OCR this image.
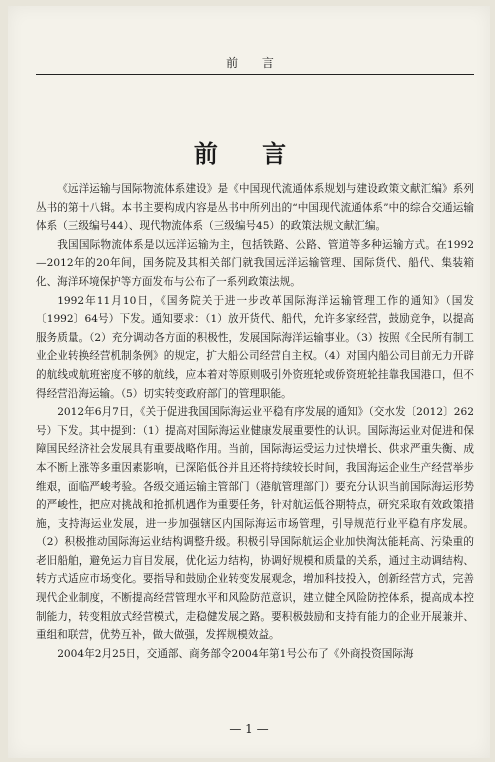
前 言
前 言

《远洋运输与国际物流体系建设》是《中国现代流通体系规划与建设政策文献汇编》系列丛书的第十八辑。本书主要构成内容是丛书中所列出的“中国现代流通体系”中的综合交通运输体系（三级编号44）、现代物流体系（三级编号45）的政策法规文献汇编。

我国国际物流体系是以远洋运输为主，包括铁路、公路、管道等多种运输方式。在1992—2012年的20年间，国务院及其相关部门就我国远洋运输管理、国际货代、船代、集装箱化、海洋环境保护等方面发布与公布了一系列政策法规。

1992年11月10日，《国务院关于进一步改革国际海洋运输管理工作的通知》（国发〔1992〕64号）下发。通知要求：（1）放开货代、船代，允许多家经营，鼓励竞争，以提高服务质量。（2）充分调动各方面的积极性，发展国际海洋运输事业。（3）按照《全民所有制工业企业转换经营机制条例》的规定，扩大船公司经营自主权。（4）对国内船公司目前无力开辟的航线或航班密度不够的航线，应本着对等原则吸引外资班轮或侨资班轮挂靠我国港口，但不得经营沿海运输。（5）切实转变政府部门的管理职能。

2012年6月7日，《关于促进我国国际海运业平稳有序发展的通知》（交水发〔2012〕262号）下发。其中提到：（1）提高对国际海运业健康发展重要性的认识。国际海运业对促进和保障国民经济社会发展具有重要战略作用。当前，国际海运受运力过快增长、供求严重失衡、成本不断上涨等多重因素影响，已深陷低谷并且还将持续较长时间，我国海运企业生产经营举步维艰，面临严峻考验。各级交通运输主管部门（港航管理部门）要充分认识当前国际海运形势的严峻性，把应对挑战和抢抓机遇作为重要任务，针对航运低谷期特点，研究采取有效政策措施，支持海运业发展，进一步加强辖区内国际海运市场管理，引导规范行业平稳有序发展。（2）积极推动国际海运业结构调整升级。积极引导国际航运企业加快淘汰能耗高、污染重的老旧船舶，避免运力盲目发展，优化运力结构，协调好规模和质量的关系，通过主动调结构、转方式适应市场变化。要指导和鼓励企业转变发展观念，增加科技投入，创新经营方式，完善现代企业制度，不断提高经营管理水平和风险防范意识，建立健全风险防控体系，提高成本控制能力，转变粗放式经营模式，走稳健发展之路。要积极鼓励和支持有能力的企业开展兼并、重组和联营，优势互补，做大做强，发挥规模效益。

2004年2月25日，交通部、商务部令2004年第1号公布了《外商投资国际海

— 1 —
